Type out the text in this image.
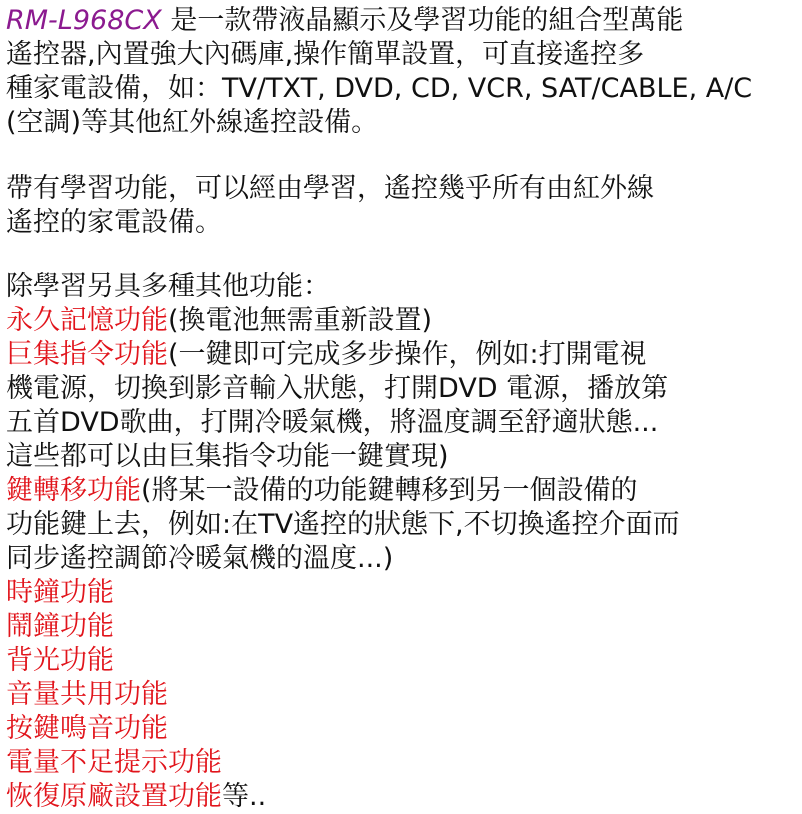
RM-L968CX 是一款帶液晶顯示及學習功能的組合型萬能
遙控器,內置強大內碼庫,操作簡單設置，可直接遙控多
種家電設備，如：TV/TXT, DVD, CD, VCR, SAT/CABLE, A/C
(空調)等其他紅外線遙控設備。
帶有學習功能，可以經由學習，遙控幾乎所有由紅外線
遙控的家電設備。
除學習另具多種其他功能：
永久記憶功能(換電池無需重新設置)
巨集指令功能(一鍵即可完成多步操作，例如:打開電視
機電源，切換到影音輸入狀態，打開DVD 電源，播放第
五首DVD歌曲，打開冷暖氣機，將溫度調至舒適狀態...
這些都可以由巨集指令功能一鍵實現)
鍵轉移功能(將某一設備的功能鍵轉移到另一個設備的
功能鍵上去，例如:在TV遙控的狀態下,不切換遙控介面而
同步遙控調節冷暖氣機的溫度...)
時鐘功能
鬧鐘功能
背光功能
音量共用功能
按鍵鳴音功能
電量不足提示功能
恢復原廠設置功能等..
